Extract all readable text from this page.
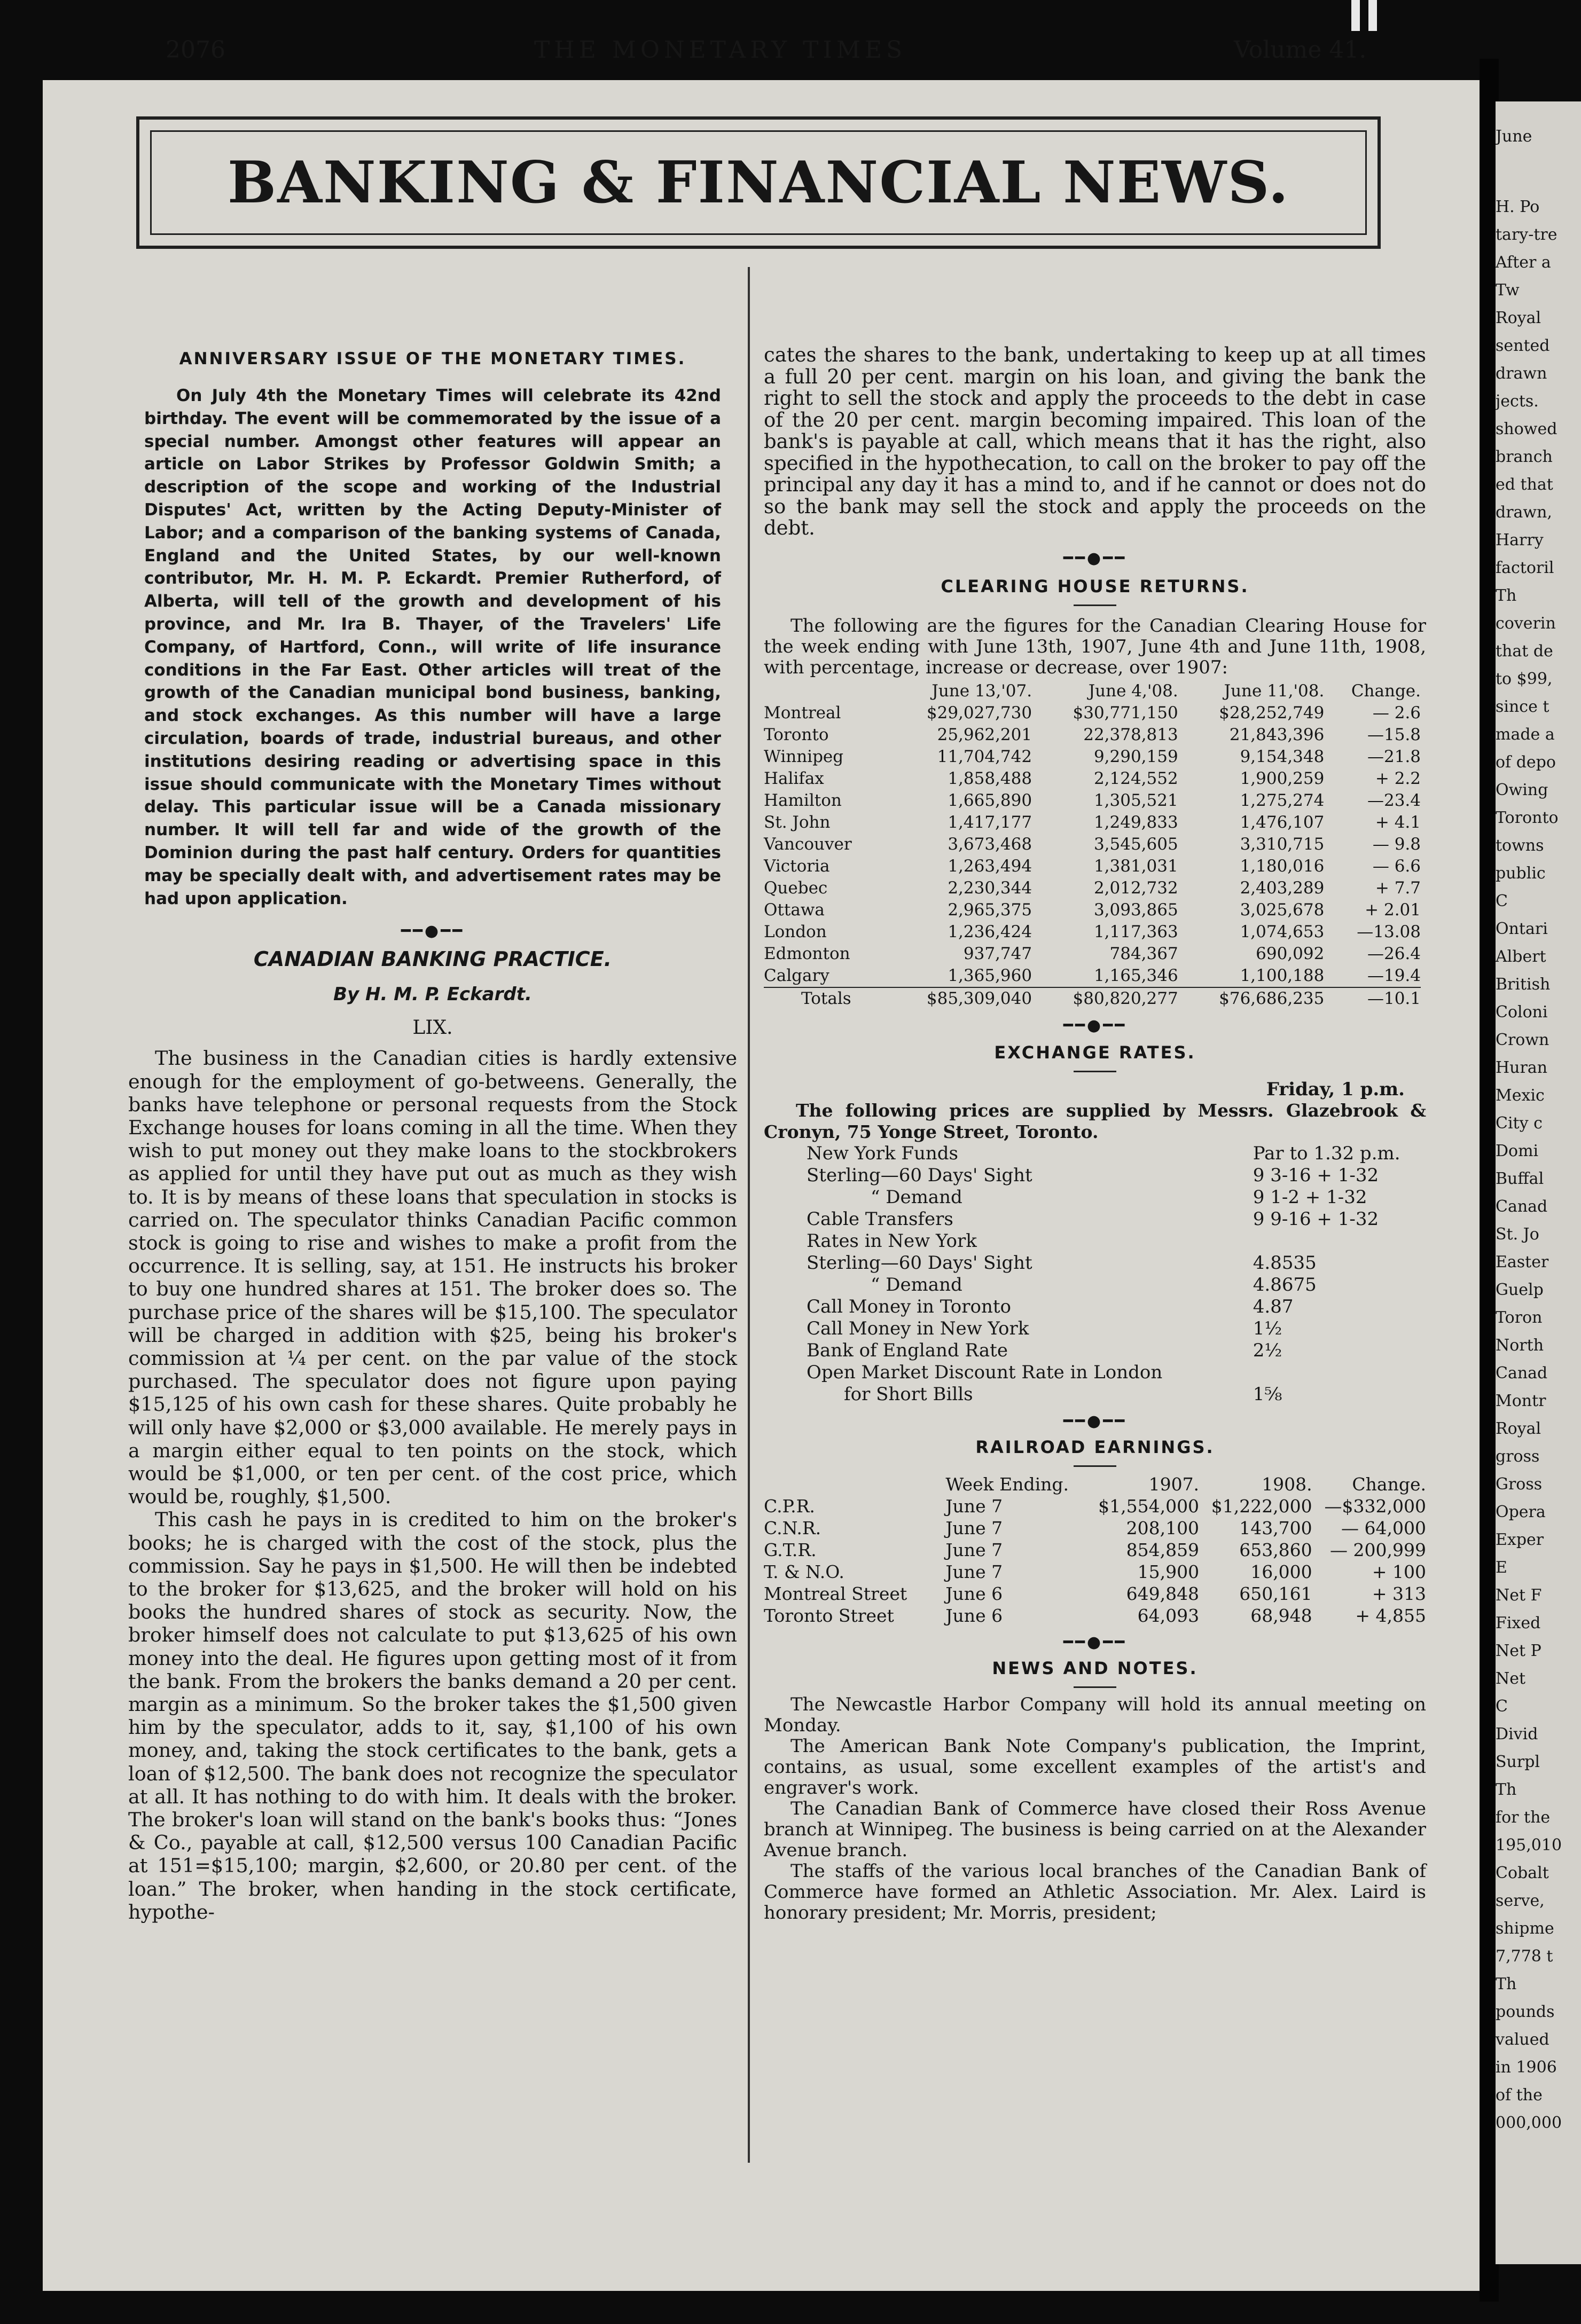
June
H. Po
tary-tre
After a
Tw
Royal
sented
drawn
jects.
showed
branch
ed that
drawn,
Harry
factoril
Th
coverin
that de
to $99,
since t
made a
of depo
Owing
Toronto
towns
public
C
Ontari
Albert
British
Coloni
Crown
Huran
Mexic
City c
Domi
Buffal
Canad
St. Jo
Easter
Guelp
Toron
North
Canad
Montr
Royal
gross
Gross
Opera
Exper
E
Net F
Fixed
Net P
Net
C
Divid
Surpl
Th
for the
195,010
Cobalt
serve,
shipme
7,778 t
Th
pounds
valued
in 1906
of the
000,000
2076	THE MONETARY TIMES	Volume 41.
BANKING & FINANCIAL NEWS.

ANNIVERSARY ISSUE OF THE MONETARY TIMES.

On July 4th the Monetary Times will celebrate its 42nd birthday. The event will be commemorated by the issue of a special number. Amongst other features will appear an article on Labor Strikes by Professor Goldwin Smith; a description of the scope and working of the Industrial Disputes' Act, written by the Acting Deputy-Minister of Labor; and a comparison of the banking systems of Canada, England and the United States, by our well-known contributor, Mr. H. M. P. Eckardt. Premier Rutherford, of Alberta, will tell of the growth and development of his province, and Mr. Ira B. Thayer, of the Travelers' Life Company, of Hartford, Conn., will write of life insurance conditions in the Far East. Other articles will treat of the growth of the Canadian municipal bond business, banking, and stock exchanges. As this number will have a large circulation, boards of trade, industrial bureaus, and other institutions desiring reading or advertising space in this issue should communicate with the Monetary Times without delay. This particular issue will be a Canada missionary number. It will tell far and wide of the growth of the Dominion during the past half century. Orders for quantities may be specially dealt with, and advertisement rates may be had upon application.

━━●━━

CANADIAN BANKING PRACTICE.

By H. M. P. Eckardt.

LIX.

The business in the Canadian cities is hardly extensive enough for the employment of go-betweens. Generally, the banks have telephone or personal requests from the Stock Exchange houses for loans coming in all the time. When they wish to put money out they make loans to the stockbrokers as applied for until they have put out as much as they wish to. It is by means of these loans that speculation in stocks is carried on. The speculator thinks Canadian Pacific common stock is going to rise and wishes to make a profit from the occurrence. It is selling, say, at 151. He instructs his broker to buy one hundred shares at 151. The broker does so. The purchase price of the shares will be $15,100. The speculator will be charged in addition with $25, being his broker's commission at ¼ per cent. on the par value of the stock purchased. The speculator does not figure upon paying $15,125 of his own cash for these shares. Quite probably he will only have $2,000 or $3,000 available. He merely pays in a margin either equal to ten points on the stock, which would be $1,000, or ten per cent. of the cost price, which would be, roughly, $1,500.

This cash he pays in is credited to him on the broker's books; he is charged with the cost of the stock, plus the commission. Say he pays in $1,500. He will then be indebted to the broker for $13,625, and the broker will hold on his books the hundred shares of stock as security. Now, the broker himself does not calculate to put $13,625 of his own money into the deal. He figures upon getting most of it from the bank. From the brokers the banks demand a 20 per cent. margin as a minimum. So the broker takes the $1,500 given him by the speculator, adds to it, say, $1,100 of his own money, and, taking the stock certificates to the bank, gets a loan of $12,500. The bank does not recognize the speculator at all. It has nothing to do with him. It deals with the broker. The broker's loan will stand on the bank's books thus: “Jones & Co., payable at call, $12,500 versus 100 Canadian Pacific at 151=$15,100; margin, $2,600, or 20.80 per cent. of the loan.” The broker, when handing in the stock certificate, hypothe-

cates the shares to the bank, undertaking to keep up at all times a full 20 per cent. margin on his loan, and giving the bank the right to sell the stock and apply the proceeds to the debt in case of the 20 per cent. margin becoming impaired. This loan of the bank's is payable at call, which means that it has the right, also specified in the hypothecation, to call on the broker to pay off the principal any day it has a mind to, and if he cannot or does not do so the bank may sell the stock and apply the proceeds on the debt.

━━●━━

CLEARING HOUSE RETURNS.

The following are the figures for the Canadian Clearing House for the week ending with June 13th, 1907, June 4th and June 11th, 1908, with percentage, increase or decrease, over 1907:

	June 13,'07.	June 4,'08.	June 11,'08.	Change.
Montreal	$29,027,730	$30,771,150	$28,252,749	— 2.6
Toronto	25,962,201	22,378,813	21,843,396	—15.8
Winnipeg	11,704,742	9,290,159	9,154,348	—21.8
Halifax	1,858,488	2,124,552	1,900,259	+ 2.2
Hamilton	1,665,890	1,305,521	1,275,274	—23.4
St. John	1,417,177	1,249,833	1,476,107	+ 4.1
Vancouver	3,673,468	3,545,605	3,310,715	— 9.8
Victoria	1,263,494	1,381,031	1,180,016	— 6.6
Quebec	2,230,344	2,012,732	2,403,289	+ 7.7
Ottawa	2,965,375	3,093,865	3,025,678	+ 2.01
London	1,236,424	1,117,363	1,074,653	—13.08
Edmonton	937,747	784,367	690,092	—26.4
Calgary	1,365,960	1,165,346	1,100,188	—19.4
Totals	$85,309,040	$80,820,277	$76,686,235	—10.1
━━●━━

EXCHANGE RATES.

Friday, 1 p.m.

The following prices are supplied by Messrs. Glazebrook & Cronyn, 75 Yonge Street, Toronto.

New York Funds	Par to 1.32 p.m.
Sterling—60 Days' Sight	9 3-16 + 1-32
“ Demand	9 1-2 + 1-32
Cable Transfers	9 9-16 + 1-32
Rates in New York	
Sterling—60 Days' Sight	4.8535
“ Demand	4.8675
Call Money in Toronto	4.87
Call Money in New York	1½
Bank of England Rate	2½
Open Market Discount Rate in London	
for Short Bills	1⅝
━━●━━

RAILROAD EARNINGS.

	Week Ending.	1907.	1908.	Change.
C.P.R.	June 7	$1,554,000	$1,222,000	—$332,000
C.N.R.	June 7	208,100	143,700	— 64,000
G.T.R.	June 7	854,859	653,860	— 200,999
T. & N.O.	June 7	15,900	16,000	+ 100
Montreal Street	June 6	649,848	650,161	+ 313
Toronto Street	June 6	64,093	68,948	+ 4,855
━━●━━

NEWS AND NOTES.

The Newcastle Harbor Company will hold its annual meeting on Monday.

The American Bank Note Company's publication, the Imprint, contains, as usual, some excellent examples of the artist's and engraver's work.

The Canadian Bank of Commerce have closed their Ross Avenue branch at Winnipeg. The business is being carried on at the Alexander Avenue branch.

The staffs of the various local branches of the Canadian Bank of Commerce have formed an Athletic Association. Mr. Alex. Laird is honorary president; Mr. Morris, president;
